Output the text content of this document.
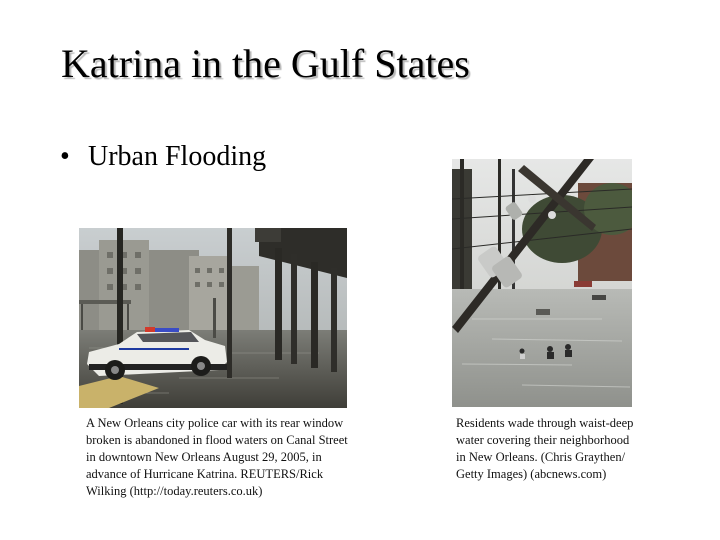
Katrina in the Gulf States
• Urban Flooding
A New Orleans city police car with its rear window broken is abandoned in flood waters on Canal Street in downtown New Orleans August 29, 2005, in advance of Hurricane Katrina. REUTERS/Rick Wilking (http://today.reuters.co.uk)
Residents wade through waist-deep water covering their neighborhood in New Orleans. (Chris Graythen/ Getty Images) (abcnews.com)
